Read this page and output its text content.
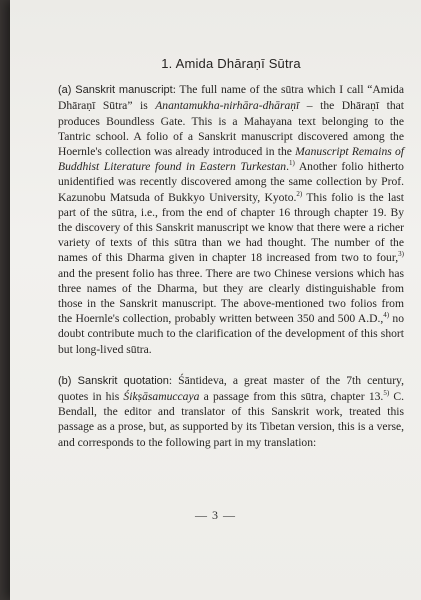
1. Amida Dhāraṇī Sūtra

(a) Sanskrit manuscript: The full name of the sūtra which I call “Amida Dhāraṇī Sūtra” is Anantamukha-nirhāra-dhāraṇī – the Dhāraṇī that produces Boundless Gate. This is a Mahayana text belonging to the Tantric school. A folio of a Sanskrit manuscript discovered among the Hoernle's collection was already introduced in the Manuscript Remains of Buddhist Literature found in Eastern Turkestan.$^{1)}$ Another folio hitherto unidentified was recently discovered among the same collection by Prof. Kazunobu Matsuda of Bukkyo University, Kyoto.$^{2)}$ This folio is the last part of the sūtra, i.e., from the end of chapter 16 through chapter 19. By the discovery of this Sanskrit manuscript we know that there were a richer variety of texts of this sūtra than we had thought. The number of the names of this Dharma given in chapter 18 increased from two to four,$^{3)}$ and the present folio has three. There are two Chinese versions which has three names of the Dharma, but they are clearly distinguishable from those in the Sanskrit manuscript. The above-mentioned two folios from the Hoernle's collection, probably written between 350 and 500 A.D.,$^{4)}$ no doubt contribute much to the clarification of the development of this short but long-lived sūtra.

(b) Sanskrit quotation: Śāntideva, a great master of the 7th century, quotes in his Śikṣāsamuccaya a passage from this sūtra, chapter 13.$^{5)}$ C. Bendall, the editor and translator of this Sanskrit work, treated this passage as a prose, but, as supported by its Tibetan version, this is a verse, and corresponds to the following part in my translation:

— 3 —
